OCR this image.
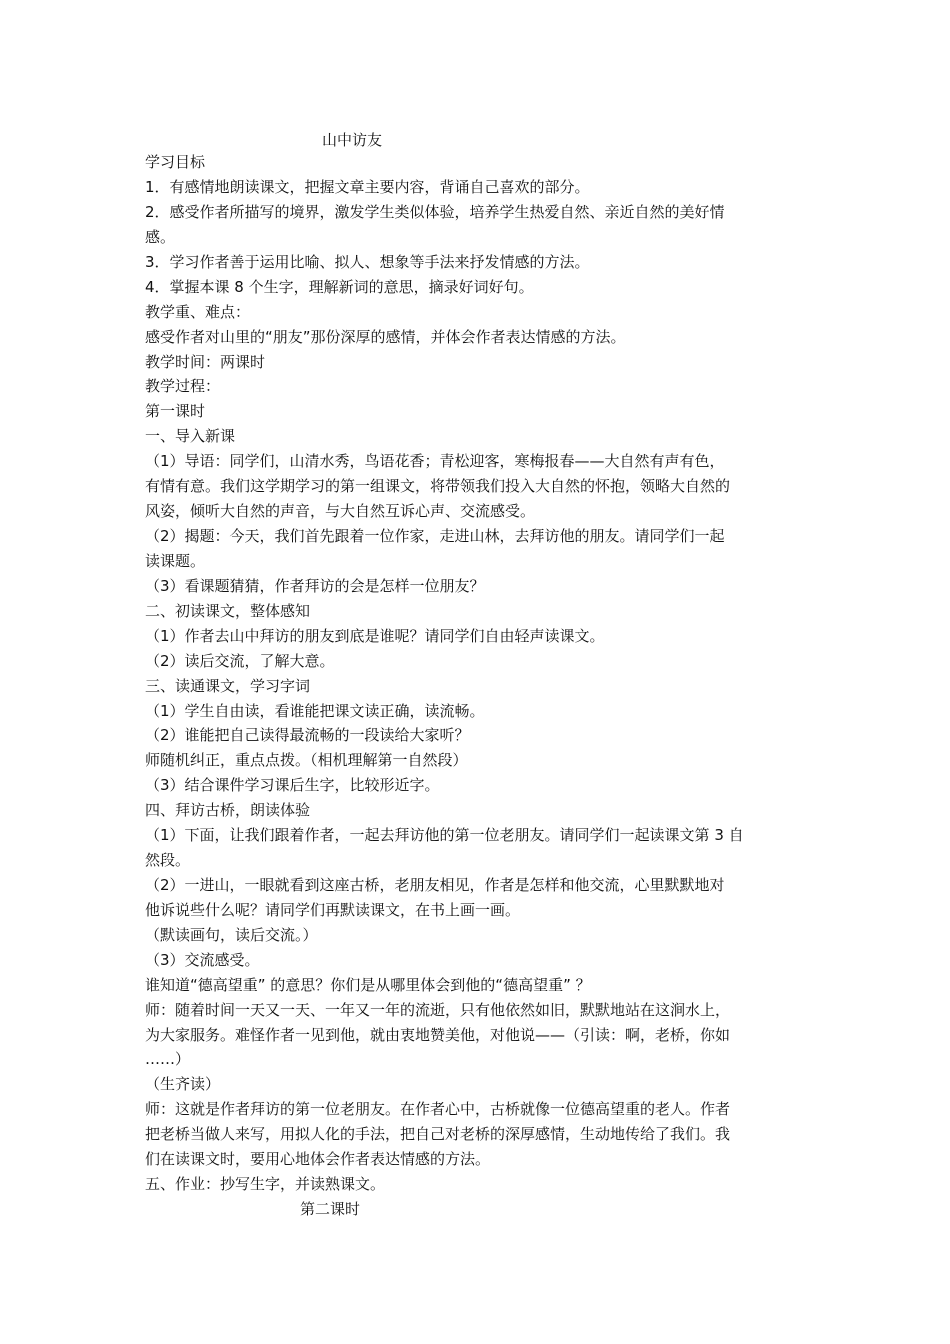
山中访友
学习目标
1．有感情地朗读课文，把握文章主要内容，背诵自己喜欢的部分。
2．感受作者所描写的境界，激发学生类似体验，培养学生热爱自然、亲近自然的美好情
感。
3．学习作者善于运用比喻、拟人、想象等手法来抒发情感的方法。
4．掌握本课 8 个生字，理解新词的意思，摘录好词好句。
教学重、难点：
感受作者对山里的“朋友”那份深厚的感情，并体会作者表达情感的方法。
教学时间：两课时
教学过程：
第一课时
一、导入新课
（1）导语：同学们，山清水秀，鸟语花香；青松迎客，寒梅报春——大自然有声有色，
有情有意。我们这学期学习的第一组课文，将带领我们投入大自然的怀抱，领略大自然的
风姿，倾听大自然的声音，与大自然互诉心声、交流感受。
（2）揭题：今天，我们首先跟着一位作家，走进山林，去拜访他的朋友。请同学们一起
读课题。
（3）看课题猜猜，作者拜访的会是怎样一位朋友？
二、初读课文，整体感知
（1）作者去山中拜访的朋友到底是谁呢？请同学们自由轻声读课文。
（2）读后交流，了解大意。
三、读通课文，学习字词
（1）学生自由读，看谁能把课文读正确，读流畅。
（2）谁能把自己读得最流畅的一段读给大家听？
师随机纠正，重点点拨。（相机理解第一自然段）
（3）结合课件学习课后生字，比较形近字。
四、拜访古桥，朗读体验
（1）下面，让我们跟着作者，一起去拜访他的第一位老朋友。请同学们一起读课文第 3 自
然段。
（2）一进山，一眼就看到这座古桥，老朋友相见，作者是怎样和他交流，心里默默地对
他诉说些什么呢？请同学们再默读课文，在书上画一画。
（默读画句，读后交流。）
（3）交流感受。
谁知道“德高望重” 的意思？你们是从哪里体会到他的“德高望重” ？
师：随着时间一天又一天、一年又一年的流逝，只有他依然如旧，默默地站在这涧水上，
为大家服务。难怪作者一见到他，就由衷地赞美他，对他说——（引读：啊，老桥，你如
……）
（生齐读）
师：这就是作者拜访的第一位老朋友。在作者心中，古桥就像一位德高望重的老人。作者
把老桥当做人来写，用拟人化的手法，把自己对老桥的深厚感情，生动地传给了我们。我
们在读课文时，要用心地体会作者表达情感的方法。
五、作业：抄写生字，并读熟课文。
第二课时
